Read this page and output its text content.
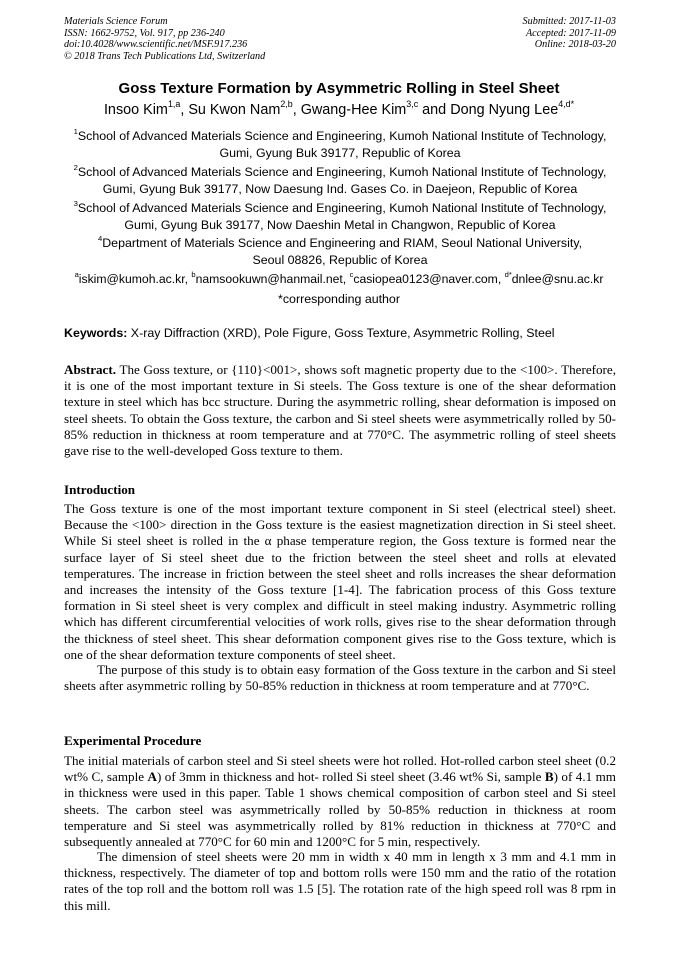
Materials Science Forum
ISSN: 1662-9752, Vol. 917, pp 236-240
doi:10.4028/www.scientific.net/MSF.917.236
© 2018 Trans Tech Publications Ltd, Switzerland
Submitted: 2017-11-03
Accepted: 2017-11-09
Online: 2018-03-20
Goss Texture Formation by Asymmetric Rolling in Steel Sheet
Insoo Kim$^{1,a}$, Su Kwon Nam$^{2,b}$, Gwang-Hee Kim$^{3,c}$ and Dong Nyung Lee$^{4,d*}$
$^1$School of Advanced Materials Science and Engineering, Kumoh National Institute of Technology,
Gumi, Gyung Buk 39177, Republic of Korea
$^2$School of Advanced Materials Science and Engineering, Kumoh National Institute of Technology,
Gumi, Gyung Buk 39177, Now Daesung Ind. Gases Co. in Daejeon, Republic of Korea
$^3$School of Advanced Materials Science and Engineering, Kumoh National Institute of Technology,
Gumi, Gyung Buk 39177, Now Daeshin Metal in Changwon, Republic of Korea
$^4$Department of Materials Science and Engineering and RIAM, Seoul National University,
Seoul 08826, Republic of Korea
$^a$iskim@kumoh.ac.kr, $^b$namsookuwn@hanmail.net, $^c$casiopea0123@naver.com, $^{d*}$dnlee@snu.ac.kr
*corresponding author
Keywords: X-ray Diffraction (XRD), Pole Figure, Goss Texture, Asymmetric Rolling, Steel
Abstract. The Goss texture, or {110}<001>, shows soft magnetic property due to the <100>. Therefore, it is one of the most important texture in Si steels. The Goss texture is one of the shear deformation texture in steel which has bcc structure. During the asymmetric rolling, shear deformation is imposed on steel sheets. To obtain the Goss texture, the carbon and Si steel sheets were asymmetrically rolled by 50-85% reduction in thickness at room temperature and at 770°C. The asymmetric rolling of steel sheets gave rise to the well-developed Goss texture to them.
Introduction
The Goss texture is one of the most important texture component in Si steel (electrical steel) sheet. Because the <100> direction in the Goss texture is the easiest magnetization direction in Si steel sheet. While Si steel sheet is rolled in the α phase temperature region, the Goss texture is formed near the surface layer of Si steel sheet due to the friction between the steel sheet and rolls at elevated temperatures. The increase in friction between the steel sheet and rolls increases the shear deformation and increases the intensity of the Goss texture [1-4]. The fabrication process of this Goss texture formation in Si steel sheet is very complex and difficult in steel making industry. Asymmetric rolling which has different circumferential velocities of work rolls, gives rise to the shear deformation through the thickness of steel sheet. This shear deformation component gives rise to the Goss texture, which is one of the shear deformation texture components of steel sheet.
The purpose of this study is to obtain easy formation of the Goss texture in the carbon and Si steel sheets after asymmetric rolling by 50-85% reduction in thickness at room temperature and at 770°C.
Experimental Procedure
The initial materials of carbon steel and Si steel sheets were hot rolled. Hot-rolled carbon steel sheet (0.2 wt% C, sample A) of 3mm in thickness and hot- rolled Si steel sheet (3.46 wt% Si, sample B) of 4.1 mm in thickness were used in this paper. Table 1 shows chemical composition of carbon steel and Si steel sheets. The carbon steel was asymmetrically rolled by 50-85% reduction in thickness at room temperature and Si steel was asymmetrically rolled by 81% reduction in thickness at 770°C and subsequently annealed at 770°C for 60 min and 1200°C for 5 min, respectively.
The dimension of steel sheets were 20 mm in width x 40 mm in length x 3 mm and 4.1 mm in thickness, respectively. The diameter of top and bottom rolls were 150 mm and the ratio of the rotation rates of the top roll and the bottom roll was 1.5 [5]. The rotation rate of the high speed roll was 8 rpm in this mill.
